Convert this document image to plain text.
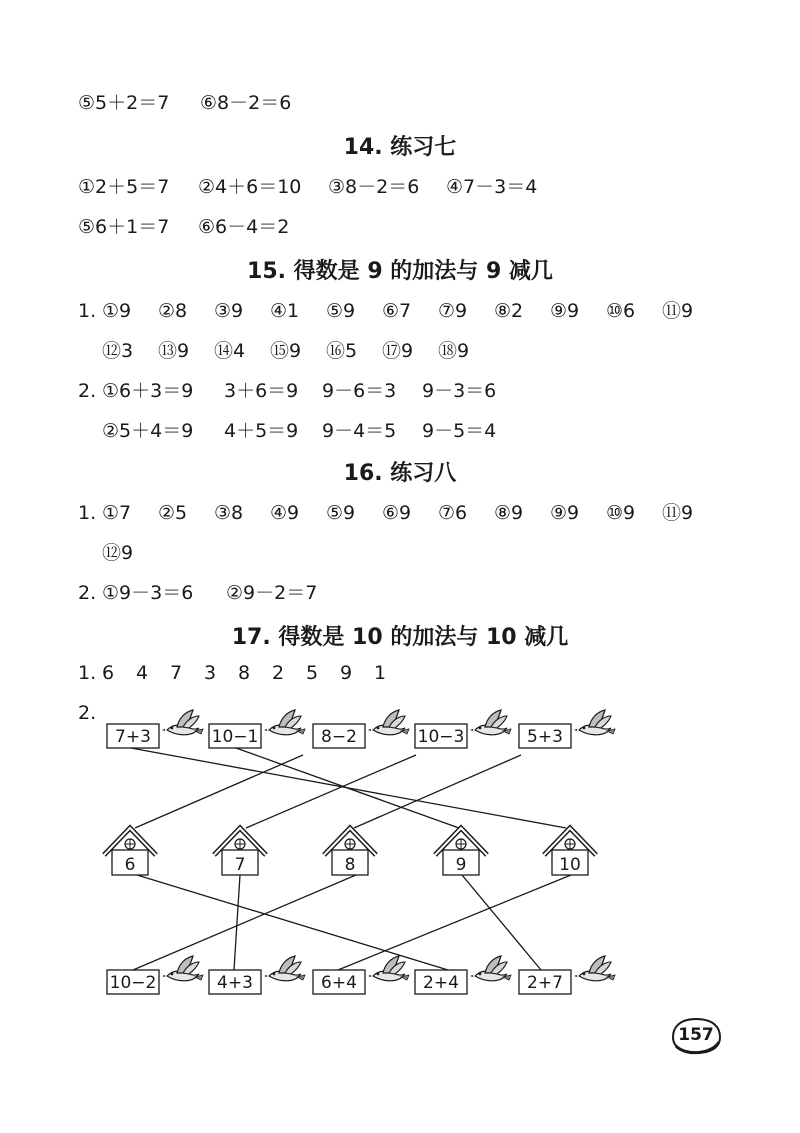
⑤5＋2＝7 ⑥8－2＝6
14. 练习七
①2＋5＝7 ②4＋6＝10 ③8－2＝6 ④7－3＝4
⑤6＋1＝7 ⑥6－4＝2
15. 得数是 9 的加法与 9 减几
1. ①9 ②8 ③9 ④1 ⑤9 ⑥7 ⑦9 ⑧2 ⑨9 ⑩6 ⑪9
⑫3 ⑬9 ⑭4 ⑮9 ⑯5 ⑰9 ⑱9
2. ①6＋3＝9 3＋6＝9 9－6＝3 9－3＝6
②5＋4＝9 4＋5＝9 9－4＝5 9－5＝4
16. 练习八
1. ①7 ②5 ③8 ④9 ⑤9 ⑥9 ⑦6 ⑧9 ⑨9 ⑩9 ⑪9
⑫9
2. ①9－3＝6 ②9－2＝7
17. 得数是 10 的加法与 10 减几
1. 6 4 7 3 8 2 5 9 1
2.
7+3	10−1	8−2	10−3	5+3
10−2	4+3	6+4	2+4	2+7
6	7	8	9	10
157
